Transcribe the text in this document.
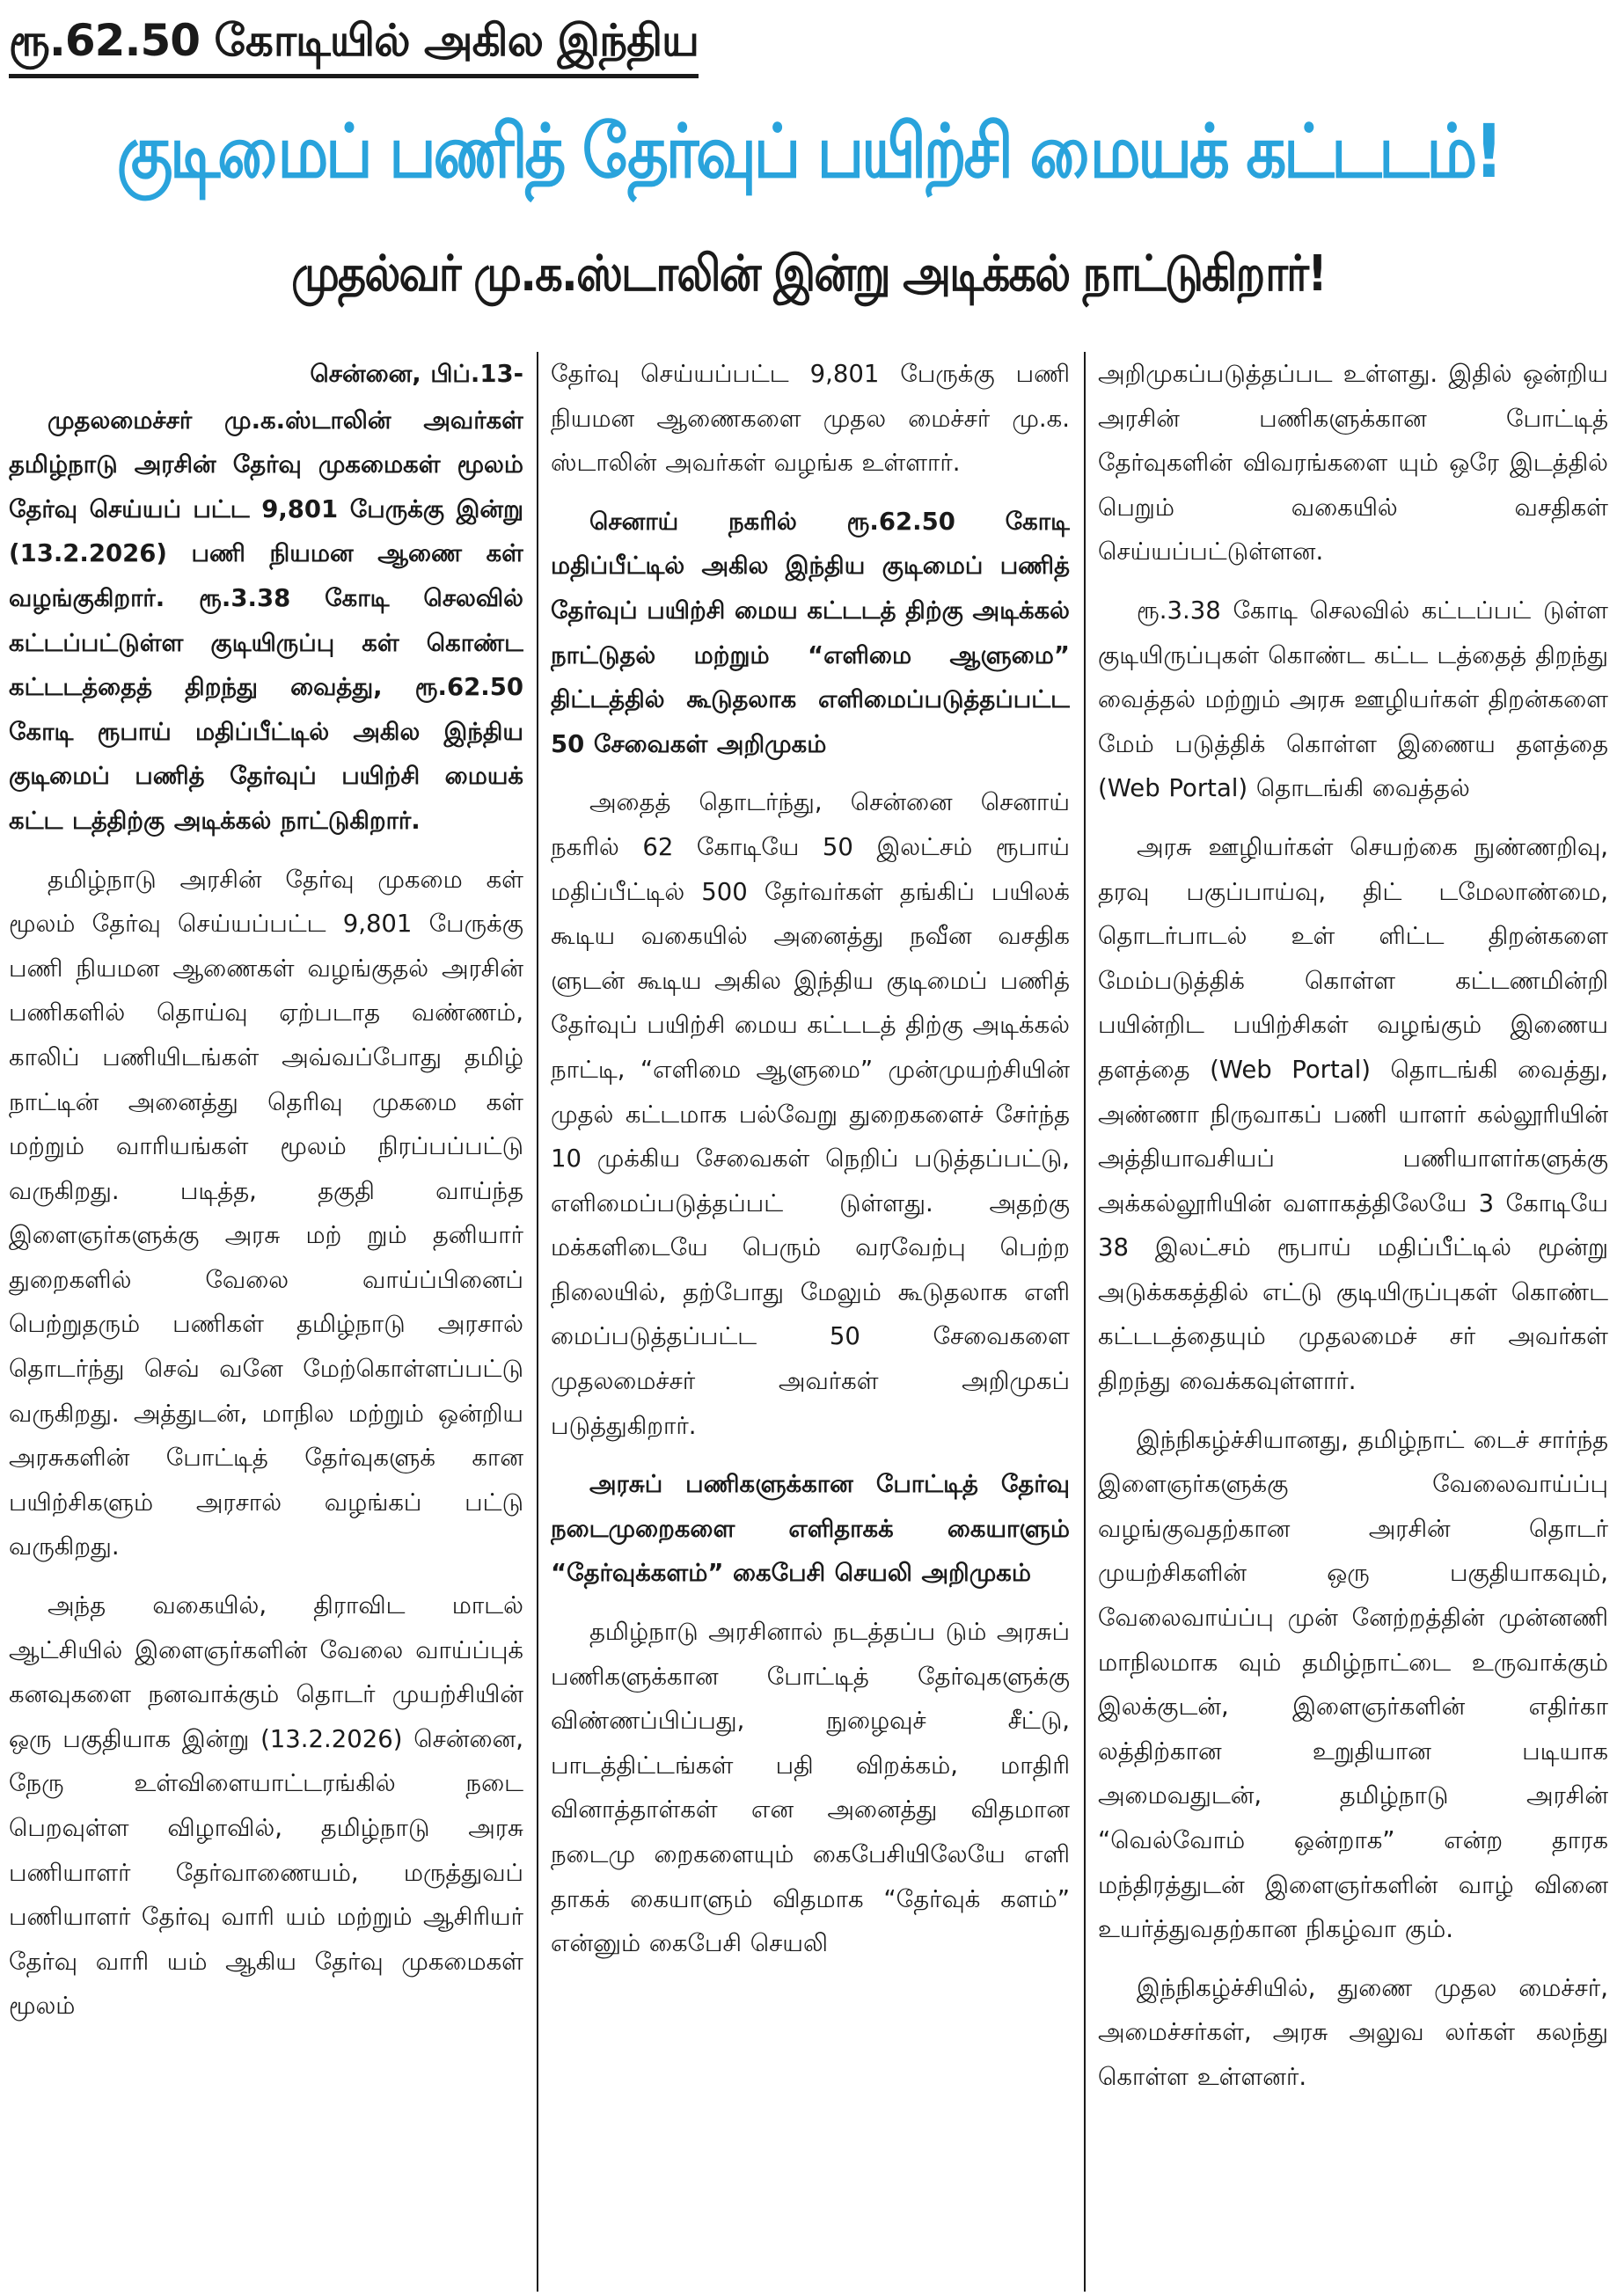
ரூ.62.50 கோடியில் அகில இந்திய
குடிமைப் பணித் தேர்வுப் பயிற்சி மையக் கட்டடம்!
முதல்வர் மு.க.ஸ்டாலின் இன்று அடிக்கல் நாட்டுகிறார்!

சென்னை, பிப்.13-

முதலமைச்சர் மு.க.ஸ்டாலின் அவர்கள் தமிழ்நாடு அரசின் தேர்வு முகமைகள் மூலம் தேர்வு செய்யப் பட்ட 9,801 பேருக்கு இன்று (13.2.2026) பணி நியமன ஆணை கள் வழங்குகிறார். ரூ.3.38 கோடி செலவில் கட்டப்பட்டுள்ள குடியிருப்பு கள் கொண்ட கட்டடத்தைத் திறந்து வைத்து, ரூ.62.50 கோடி ரூபாய் மதிப்பீட்டில் அகில இந்திய குடிமைப் பணித் தேர்வுப் பயிற்சி மையக் கட்ட டத்திற்கு அடிக்கல் நாட்டுகிறார்.

தமிழ்நாடு அரசின் தேர்வு முகமை கள் மூலம் தேர்வு செய்யப்பட்ட 9,801 பேருக்கு பணி நியமன ஆணைகள் வழங்குதல் அரசின் பணிகளில் தொய்வு ஏற்படாத வண்ணம், காலிப் பணியிடங்கள் அவ்வப்போது தமிழ் நாட்டின் அனைத்து தெரிவு முகமை கள் மற்றும் வாரியங்கள் மூலம் நிரப்பப்பட்டு வருகிறது. படித்த, தகுதி வாய்ந்த இளைஞர்களுக்கு அரசு மற் றும் தனியார் துறைகளில் வேலை வாய்ப்பினைப் பெற்றுதரும் பணிகள் தமிழ்நாடு அரசால் தொடர்ந்து செவ் வனே மேற்கொள்ளப்பட்டு வருகிறது. அத்துடன், மாநில மற்றும் ஒன்றிய அரசுகளின் போட்டித் தேர்வுகளுக் கான பயிற்சிகளும் அரசால் வழங்கப் பட்டு வருகிறது.

அந்த வகையில், திராவிட மாடல் ஆட்சியில் இளைஞர்களின் வேலை வாய்ப்புக் கனவுகளை நனவாக்கும் தொடர் முயற்சியின் ஒரு பகுதியாக இன்று (13.2.2026) சென்னை, நேரு உள்விளையாட்டரங்கில் நடை பெறவுள்ள விழாவில், தமிழ்நாடு அரசு பணியாளர் தேர்வாணையம், மருத்துவப் பணியாளர் தேர்வு வாரி யம் மற்றும் ஆசிரியர் தேர்வு வாரி யம் ஆகிய தேர்வு முகமைகள் மூலம்

தேர்வு செய்யப்பட்ட 9,801 பேருக்கு பணி நியமன ஆணைகளை முதல மைச்சர் மு.க. ஸ்டாலின் அவர்கள் வழங்க உள்ளார்.

செனாய் நகரில் ரூ.62.50 கோடி மதிப்பீட்டில் அகில இந்திய குடிமைப் பணித் தேர்வுப் பயிற்சி மைய கட்டடத் திற்கு அடிக்கல் நாட்டுதல் மற்றும் “எளிமை ஆளுமை” திட்டத்தில் கூடுதலாக எளிமைப்படுத்தப்பட்ட 50 சேவைகள் அறிமுகம்

அதைத் தொடர்ந்து, சென்னை செனாய் நகரில் 62 கோடியே 50 இலட்சம் ரூபாய் மதிப்பீட்டில் 500 தேர்வர்கள் தங்கிப் பயிலக் கூடிய வகையில் அனைத்து நவீன வசதிக ளுடன் கூடிய அகில இந்திய குடிமைப் பணித் தேர்வுப் பயிற்சி மைய கட்டடத் திற்கு அடிக்கல் நாட்டி, “எளிமை ஆளுமை” முன்முயற்சியின் முதல் கட்டமாக பல்வேறு துறைகளைச் சேர்ந்த 10 முக்கிய சேவைகள் நெறிப் படுத்தப்பட்டு, எளிமைப்படுத்தப்பட் டுள்ளது. அதற்கு மக்களிடையே பெரும் வரவேற்பு பெற்ற நிலையில், தற்போது மேலும் கூடுதலாக எளி மைப்படுத்தப்பட்ட 50 சேவைகளை முதலமைச்சர் அவர்கள் அறிமுகப் படுத்துகிறார்.

அரசுப் பணிகளுக்கான போட்டித் தேர்வு நடைமுறைகளை எளிதாகக் கையாளும் “தேர்வுக்களம்” கைபேசி செயலி அறிமுகம்

தமிழ்நாடு அரசினால் நடத்தப்ப டும் அரசுப் பணிகளுக்கான போட்டித் தேர்வுகளுக்கு விண்ணப்பிப்பது, நுழைவுச் சீட்டு, பாடத்திட்டங்கள் பதி விறக்கம், மாதிரி வினாத்தாள்கள் என அனைத்து விதமான நடைமு றைகளையும் கைபேசியிலேயே எளி தாகக் கையாளும் விதமாக “தேர்வுக் களம்” என்னும் கைபேசி செயலி

அறிமுகப்படுத்தப்பட உள்ளது. இதில் ஒன்றிய அரசின் பணிகளுக்கான போட்டித் தேர்வுகளின் விவரங்களை யும் ஒரே இடத்தில் பெறும் வகையில் வசதிகள் செய்யப்பட்டுள்ளன.

ரூ.3.38 கோடி செலவில் கட்டப்பட் டுள்ள குடியிருப்புகள் கொண்ட கட்ட டத்தைத் திறந்து வைத்தல் மற்றும் அரசு ஊழியர்கள் திறன்களை மேம் படுத்திக் கொள்ள இணைய தளத்தை (Web Portal) தொடங்கி வைத்தல்

அரசு ஊழியர்கள் செயற்கை நுண்ணறிவு, தரவு பகுப்பாய்வு, திட் டமேலாண்மை, தொடர்பாடல் உள் ளிட்ட திறன்களை மேம்படுத்திக் கொள்ள கட்டணமின்றி பயின்றிட பயிற்சிகள் வழங்கும் இணைய தளத்தை (Web Portal) தொடங்கி வைத்து, அண்ணா நிருவாகப் பணி யாளர் கல்லூரியின் அத்தியாவசியப் பணியாளர்களுக்கு அக்கல்லூரியின் வளாகத்திலேயே 3 கோடியே 38 இலட்சம் ரூபாய் மதிப்பீட்டில் மூன்று அடுக்ககத்தில் எட்டு குடியிருப்புகள் கொண்ட கட்டடத்தையும் முதலமைச் சர் அவர்கள் திறந்து வைக்கவுள்ளார்.

இந்நிகழ்ச்சியானது, தமிழ்நாட் டைச் சார்ந்த இளைஞர்களுக்கு வேலைவாய்ப்பு வழங்குவதற்கான அரசின் தொடர் முயற்சிகளின் ஒரு பகுதியாகவும், வேலைவாய்ப்பு முன் னேற்றத்தின் முன்னணி மாநிலமாக வும் தமிழ்நாட்டை உருவாக்கும் இலக்குடன், இளைஞர்களின் எதிர்கா லத்திற்கான உறுதியான படியாக அமைவதுடன், தமிழ்நாடு அரசின் “வெல்வோம் ஒன்றாக” என்ற தாரக மந்திரத்துடன் இளைஞர்களின் வாழ் வினை உயர்த்துவதற்கான நிகழ்வா கும்.

இந்நிகழ்ச்சியில், துணை முதல மைச்சர், அமைச்சர்கள், அரசு அலுவ லர்கள் கலந்து கொள்ள உள்ளனர்.
